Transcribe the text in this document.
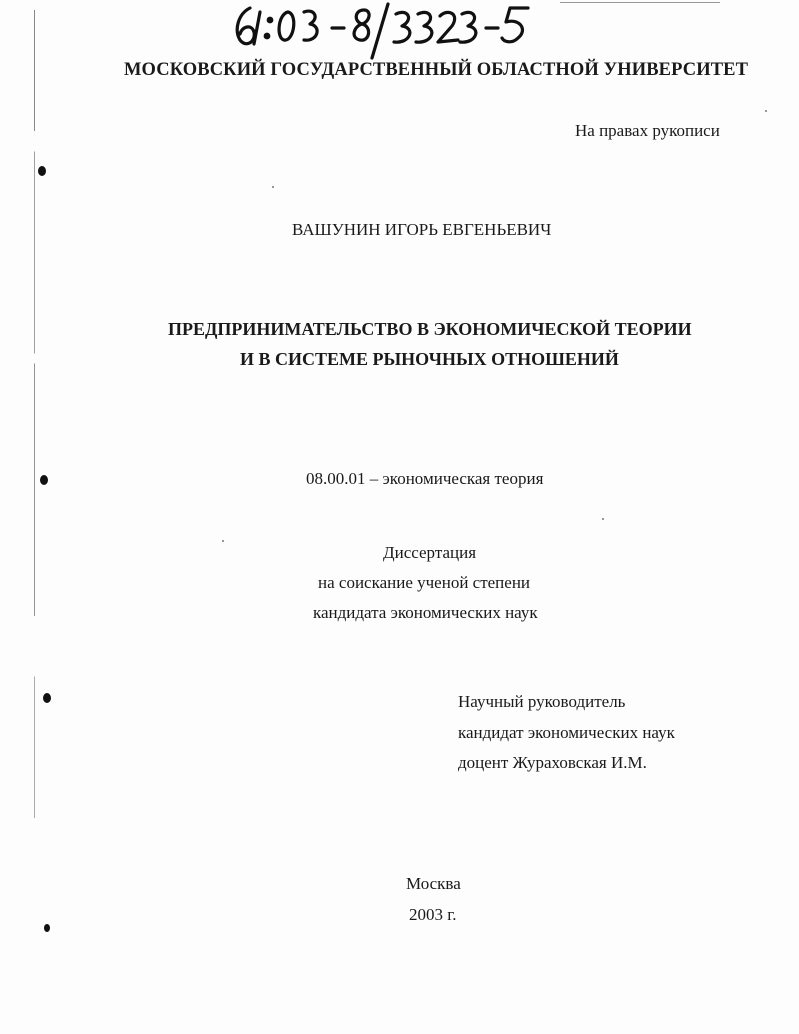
МОСКОВСКИЙ ГОСУДАРСТВЕННЫЙ ОБЛАСТНОЙ УНИВЕРСИТЕТ
На правах рукописи
ВАШУНИН ИГОРЬ ЕВГЕНЬЕВИЧ
ПРЕДПРИНИМАТЕЛЬСТВО В ЭКОНОМИЧЕСКОЙ ТЕОРИИ
И В СИСТЕМЕ РЫНОЧНЫХ ОТНОШЕНИЙ
08.00.01 – экономическая теория
Диссертация
на соискание ученой степени
кандидата экономических наук
Научный руководитель
кандидат экономических наук
доцент Жураховская И.М.
Москва
2003 г.
